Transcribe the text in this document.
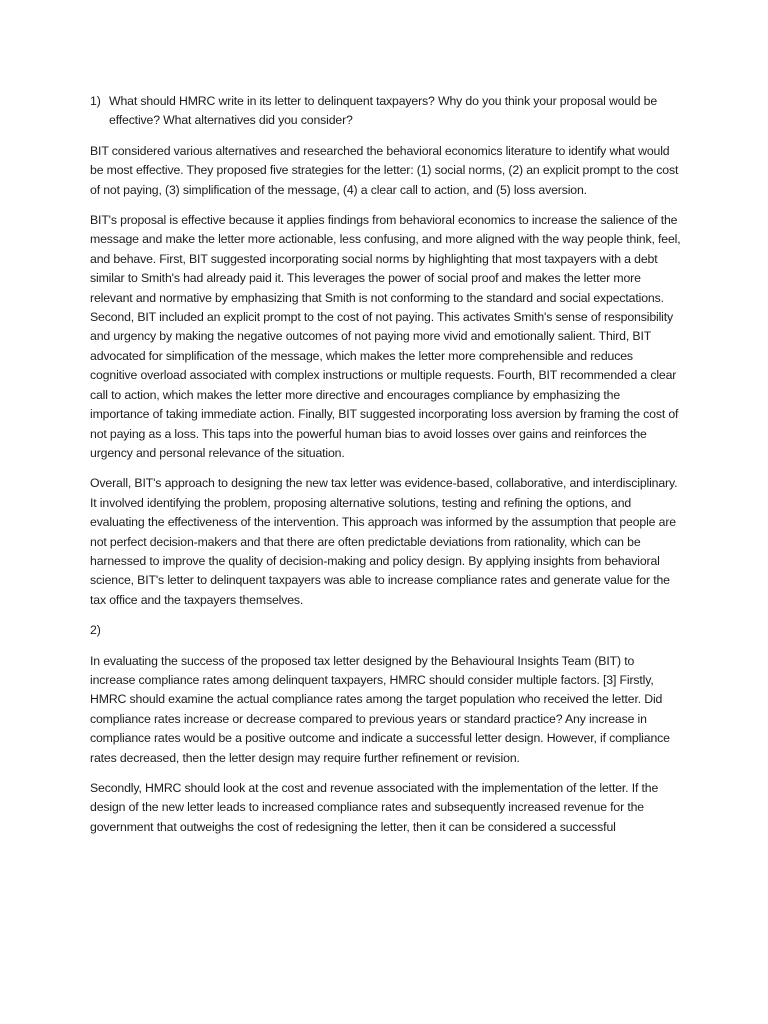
1) What should HMRC write in its letter to delinquent taxpayers? Why do you think your proposal would be effective? What alternatives did you consider?

BIT considered various alternatives and researched the behavioral economics literature to identify what would be most effective. They proposed five strategies for the letter: (1) social norms, (2) an explicit prompt to the cost of not paying, (3) simplification of the message, (4) a clear call to action, and (5) loss aversion.

BIT's proposal is effective because it applies findings from behavioral economics to increase the salience of the message and make the letter more actionable, less confusing, and more aligned with the way people think, feel, and behave. First, BIT suggested incorporating social norms by highlighting that most taxpayers with a debt similar to Smith's had already paid it. This leverages the power of social proof and makes the letter more relevant and normative by emphasizing that Smith is not conforming to the standard and social expectations. Second, BIT included an explicit prompt to the cost of not paying. This activates Smith's sense of responsibility and urgency by making the negative outcomes of not paying more vivid and emotionally salient. Third, BIT advocated for simplification of the message, which makes the letter more comprehensible and reduces cognitive overload associated with complex instructions or multiple requests. Fourth, BIT recommended a clear call to action, which makes the letter more directive and encourages compliance by emphasizing the importance of taking immediate action. Finally, BIT suggested incorporating loss aversion by framing the cost of not paying as a loss. This taps into the powerful human bias to avoid losses over gains and reinforces the urgency and personal relevance of the situation.

Overall, BIT's approach to designing the new tax letter was evidence-based, collaborative, and interdisciplinary. It involved identifying the problem, proposing alternative solutions, testing and refining the options, and evaluating the effectiveness of the intervention. This approach was informed by the assumption that people are not perfect decision-makers and that there are often predictable deviations from rationality, which can be harnessed to improve the quality of decision-making and policy design. By applying insights from behavioral science, BIT's letter to delinquent taxpayers was able to increase compliance rates and generate value for the tax office and the taxpayers themselves.

2)

In evaluating the success of the proposed tax letter designed by the Behavioural Insights Team (BIT) to increase compliance rates among delinquent taxpayers, HMRC should consider multiple factors. [3] Firstly, HMRC should examine the actual compliance rates among the target population who received the letter. Did compliance rates increase or decrease compared to previous years or standard practice? Any increase in compliance rates would be a positive outcome and indicate a successful letter design. However, if compliance rates decreased, then the letter design may require further refinement or revision.

Secondly, HMRC should look at the cost and revenue associated with the implementation of the letter. If the design of the new letter leads to increased compliance rates and subsequently increased revenue for the government that outweighs the cost of redesigning the letter, then it can be considered a successful
